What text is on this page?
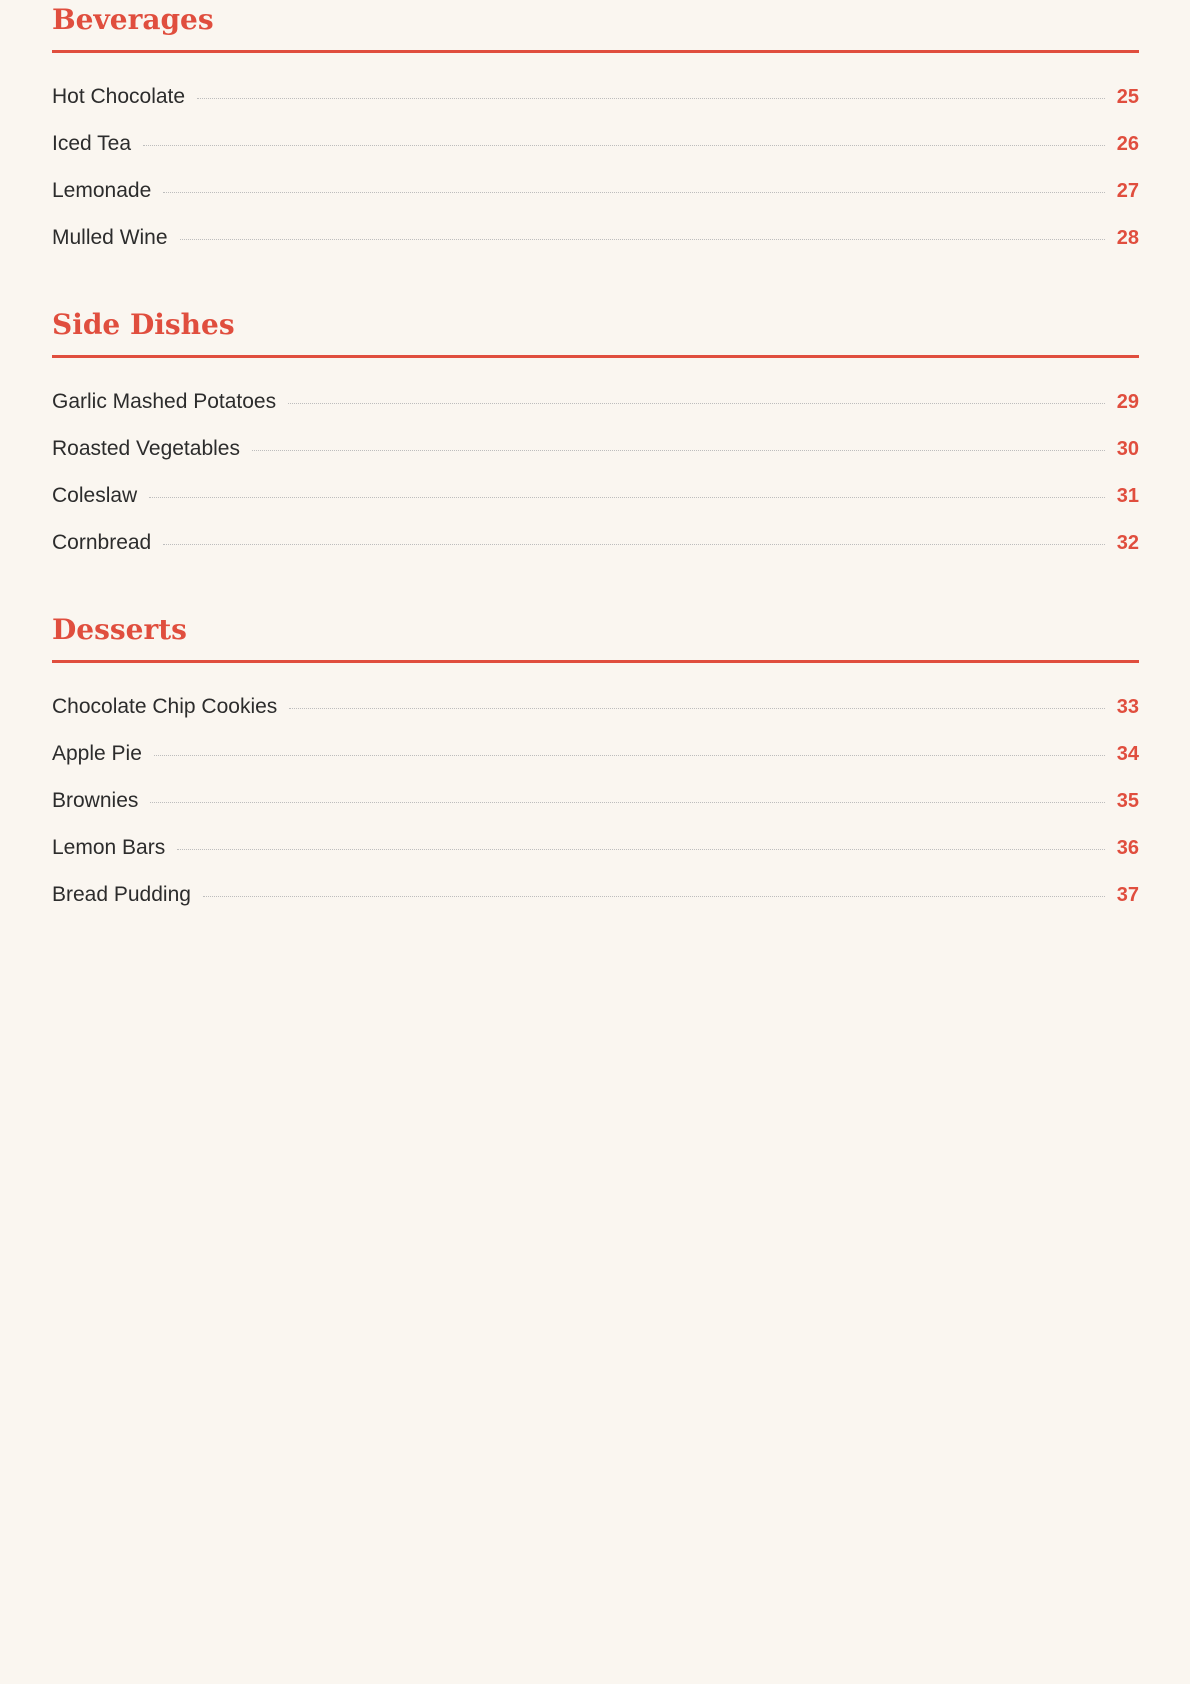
Beverages
Hot Chocolate	25
Iced Tea	26
Lemonade	27
Mulled Wine	28
Side Dishes
Garlic Mashed Potatoes	29
Roasted Vegetables	30
Coleslaw	31
Cornbread	32
Desserts
Chocolate Chip Cookies	33
Apple Pie	34
Brownies	35
Lemon Bars	36
Bread Pudding	37
